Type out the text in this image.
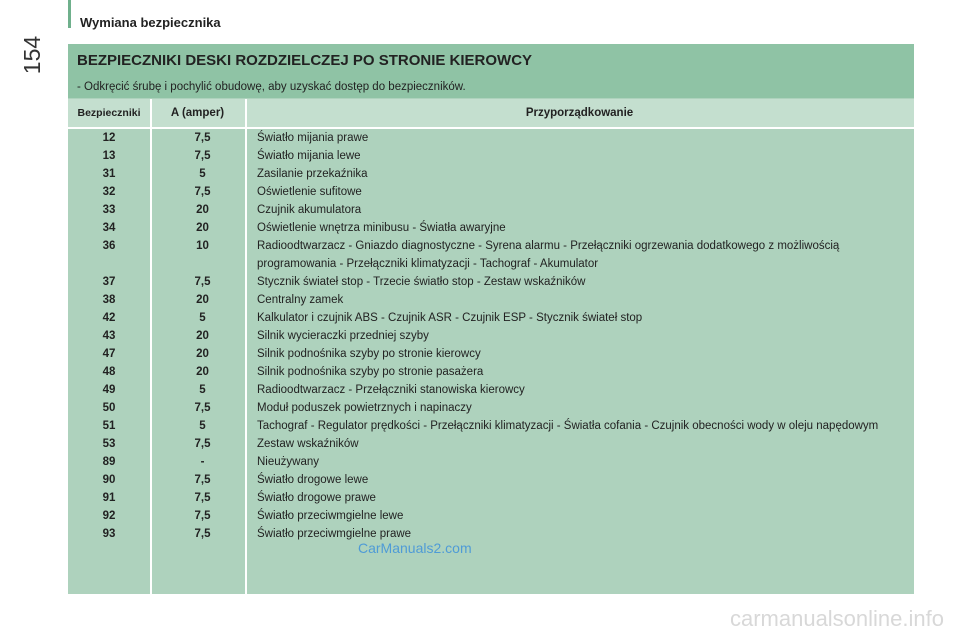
Wymiana bezpiecznika
154 BEZPIECZNIKI DESKI ROZDZIELCZEJ PO STRONIE KIEROWCY
- Odkręcić śrubę i pochylić obudowę, aby uzyskać dostęp do bezpieczników.
Bezpieczniki	A (amper)	Przyporządkowanie
12	7,5	Światło mijania prawe
13	7,5	Światło mijania lewe
31	5	Zasilanie przekaźnika
32	7,5	Oświetlenie sufitowe
33	20	Czujnik akumulatora
34	20	Oświetlenie wnętrza minibusu - Światła awaryjne
36	10	Radioodtwarzacz - Gniazdo diagnostyczne - Syrena alarmu - Przełączniki ogrzewania dodatkowego z możliwością programowania - Przełączniki klimatyzacji - Tachograf - Akumulator
37	7,5	Stycznik świateł stop - Trzecie światło stop - Zestaw wskaźników
38	20	Centralny zamek
42	5	Kalkulator i czujnik ABS - Czujnik ASR - Czujnik ESP - Stycznik świateł stop
43	20	Silnik wycieraczki przedniej szyby
47	20	Silnik podnośnika szyby po stronie kierowcy
48	20	Silnik podnośnika szyby po stronie pasażera
49	5	Radioodtwarzacz - Przełączniki stanowiska kierowcy
50	7,5	Moduł poduszek powietrznych i napinaczy
51	5	Tachograf - Regulator prędkości - Przełączniki klimatyzacji - Światła cofania - Czujnik obecności wody w oleju napędowym
53	7,5	Zestaw wskaźników
89	-	Nieużywany
90	7,5	Światło drogowe lewe
91	7,5	Światło drogowe prawe
92	7,5	Światło przeciwmgielne lewe
93	7,5	Światło przeciwmgielne prawe
CarManuals2.com
carmanualsonline.info
